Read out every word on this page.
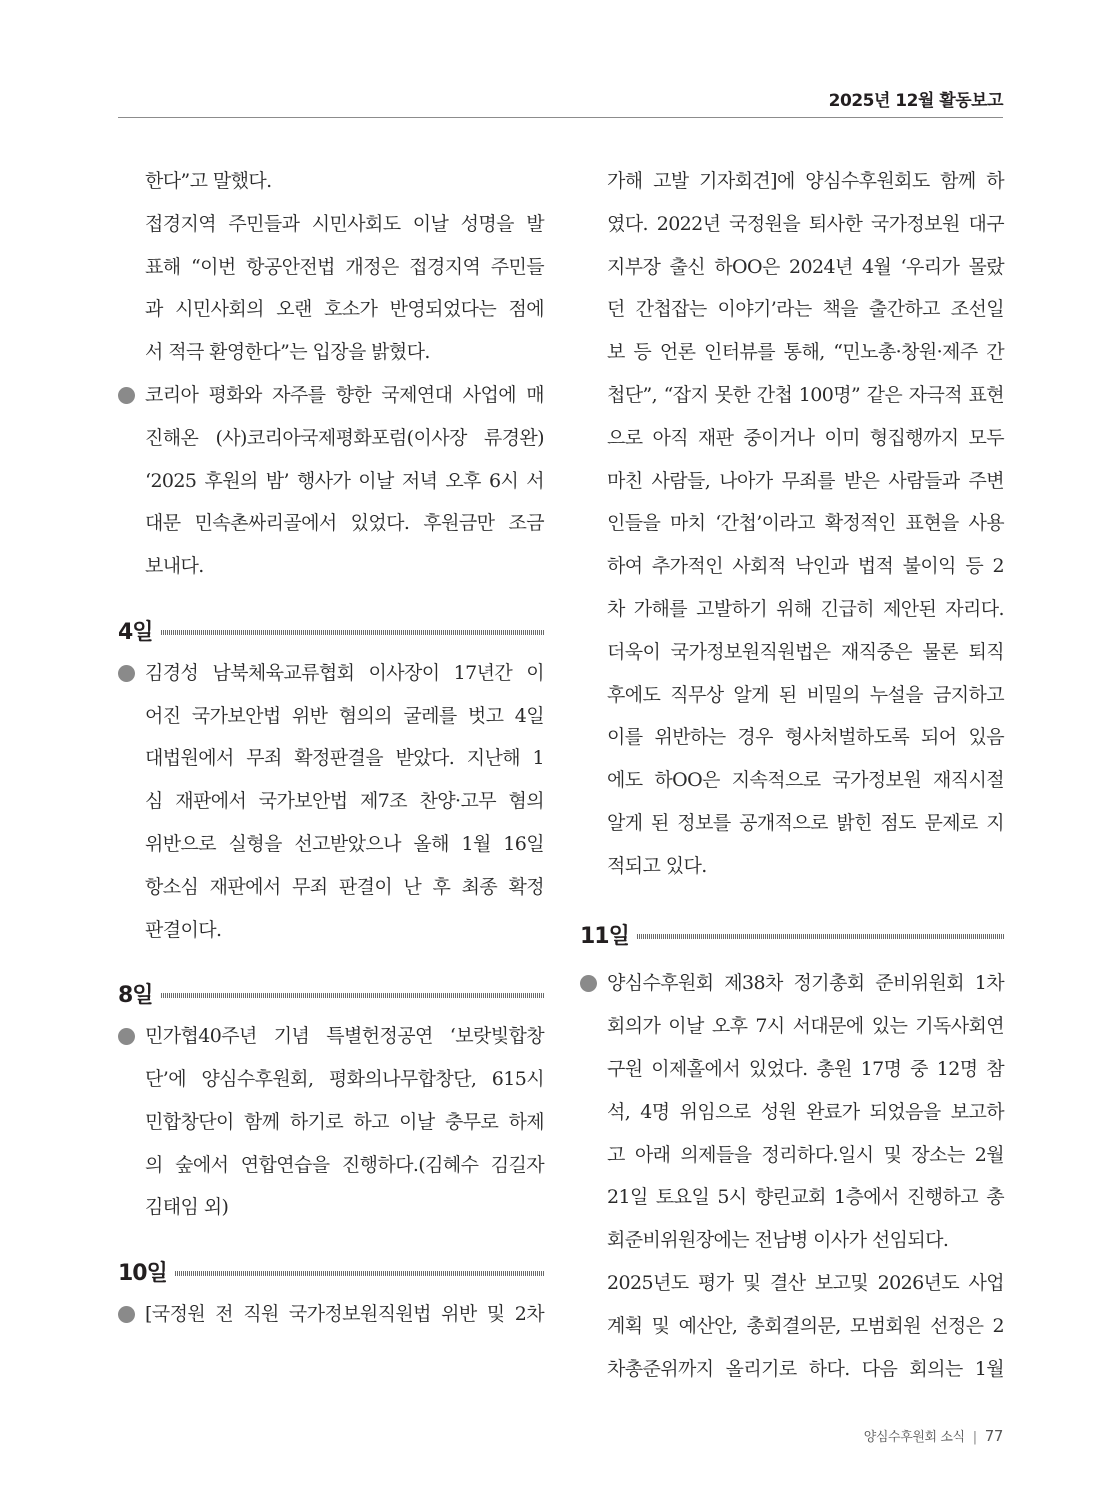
2025년 12월 활동보고
한다”고 말했다.
접경지역 주민들과 시민사회도 이날 성명을 발
표해 “이번 항공안전법 개정은 접경지역 주민들
과 시민사회의 오랜 호소가 반영되었다는 점에
서 적극 환영한다”는 입장을 밝혔다.
코리아 평화와 자주를 향한 국제연대 사업에 매
진해온 (사)코리아국제평화포럼(이사장 류경완)
‘2025 후원의 밤’ 행사가 이날 저녁 오후 6시 서
대문 민속촌싸리골에서 있었다. 후원금만 조금
보내다.
4일
김경성 남북체육교류협회 이사장이 17년간 이
어진 국가보안법 위반 혐의의 굴레를 벗고 4일
대법원에서 무죄 확정판결을 받았다. 지난해 1
심 재판에서 국가보안법 제7조 찬양·고무 혐의
위반으로 실형을 선고받았으나 올해 1월 16일
항소심 재판에서 무죄 판결이 난 후 최종 확정
판결이다.
8일
민가협40주년 기념 특별헌정공연 ‘보랏빛합창
단’에 양심수후원회, 평화의나무합창단, 615시
민합창단이 함께 하기로 하고 이날 충무로 하제
의 숲에서 연합연습을 진행하다.(김혜수 김길자
김태임 외)
10일
[국정원 전 직원 국가정보원직원법 위반 및 2차
가해 고발 기자회견]에 양심수후원회도 함께 하
였다. 2022년 국정원을 퇴사한 국가정보원 대구
지부장 출신 하OO은 2024년 4월 ‘우리가 몰랐
던 간첩잡는 이야기’라는 책을 출간하고 조선일
보 등 언론 인터뷰를 통해, “민노총·창원·제주 간
첩단”, “잡지 못한 간첩 100명” 같은 자극적 표현
으로 아직 재판 중이거나 이미 형집행까지 모두
마친 사람들, 나아가 무죄를 받은 사람들과 주변
인들을 마치 ‘간첩’이라고 확정적인 표현을 사용
하여 추가적인 사회적 낙인과 법적 불이익 등 2
차 가해를 고발하기 위해 긴급히 제안된 자리다.
더욱이 국가정보원직원법은 재직중은 물론 퇴직
후에도 직무상 알게 된 비밀의 누설을 금지하고
이를 위반하는 경우 형사처벌하도록 되어 있음
에도 하OO은 지속적으로 국가정보원 재직시절
알게 된 정보를 공개적으로 밝힌 점도 문제로 지
적되고 있다.
11일
양심수후원회 제38차 정기총회 준비위원회 1차
회의가 이날 오후 7시 서대문에 있는 기독사회연
구원 이제홀에서 있었다. 총원 17명 중 12명 참
석, 4명 위임으로 성원 완료가 되었음을 보고하
고 아래 의제들을 정리하다.일시 및 장소는 2월
21일 토요일 5시 향린교회 1층에서 진행하고 총
회준비위원장에는 전남병 이사가 선임되다.
2025년도 평가 및 결산 보고및 2026년도 사업
계획 및 예산안, 총회결의문, 모범회원 선정은 2
차총준위까지 올리기로 하다. 다음 회의는 1월
양심수후원회 소식 | 77
